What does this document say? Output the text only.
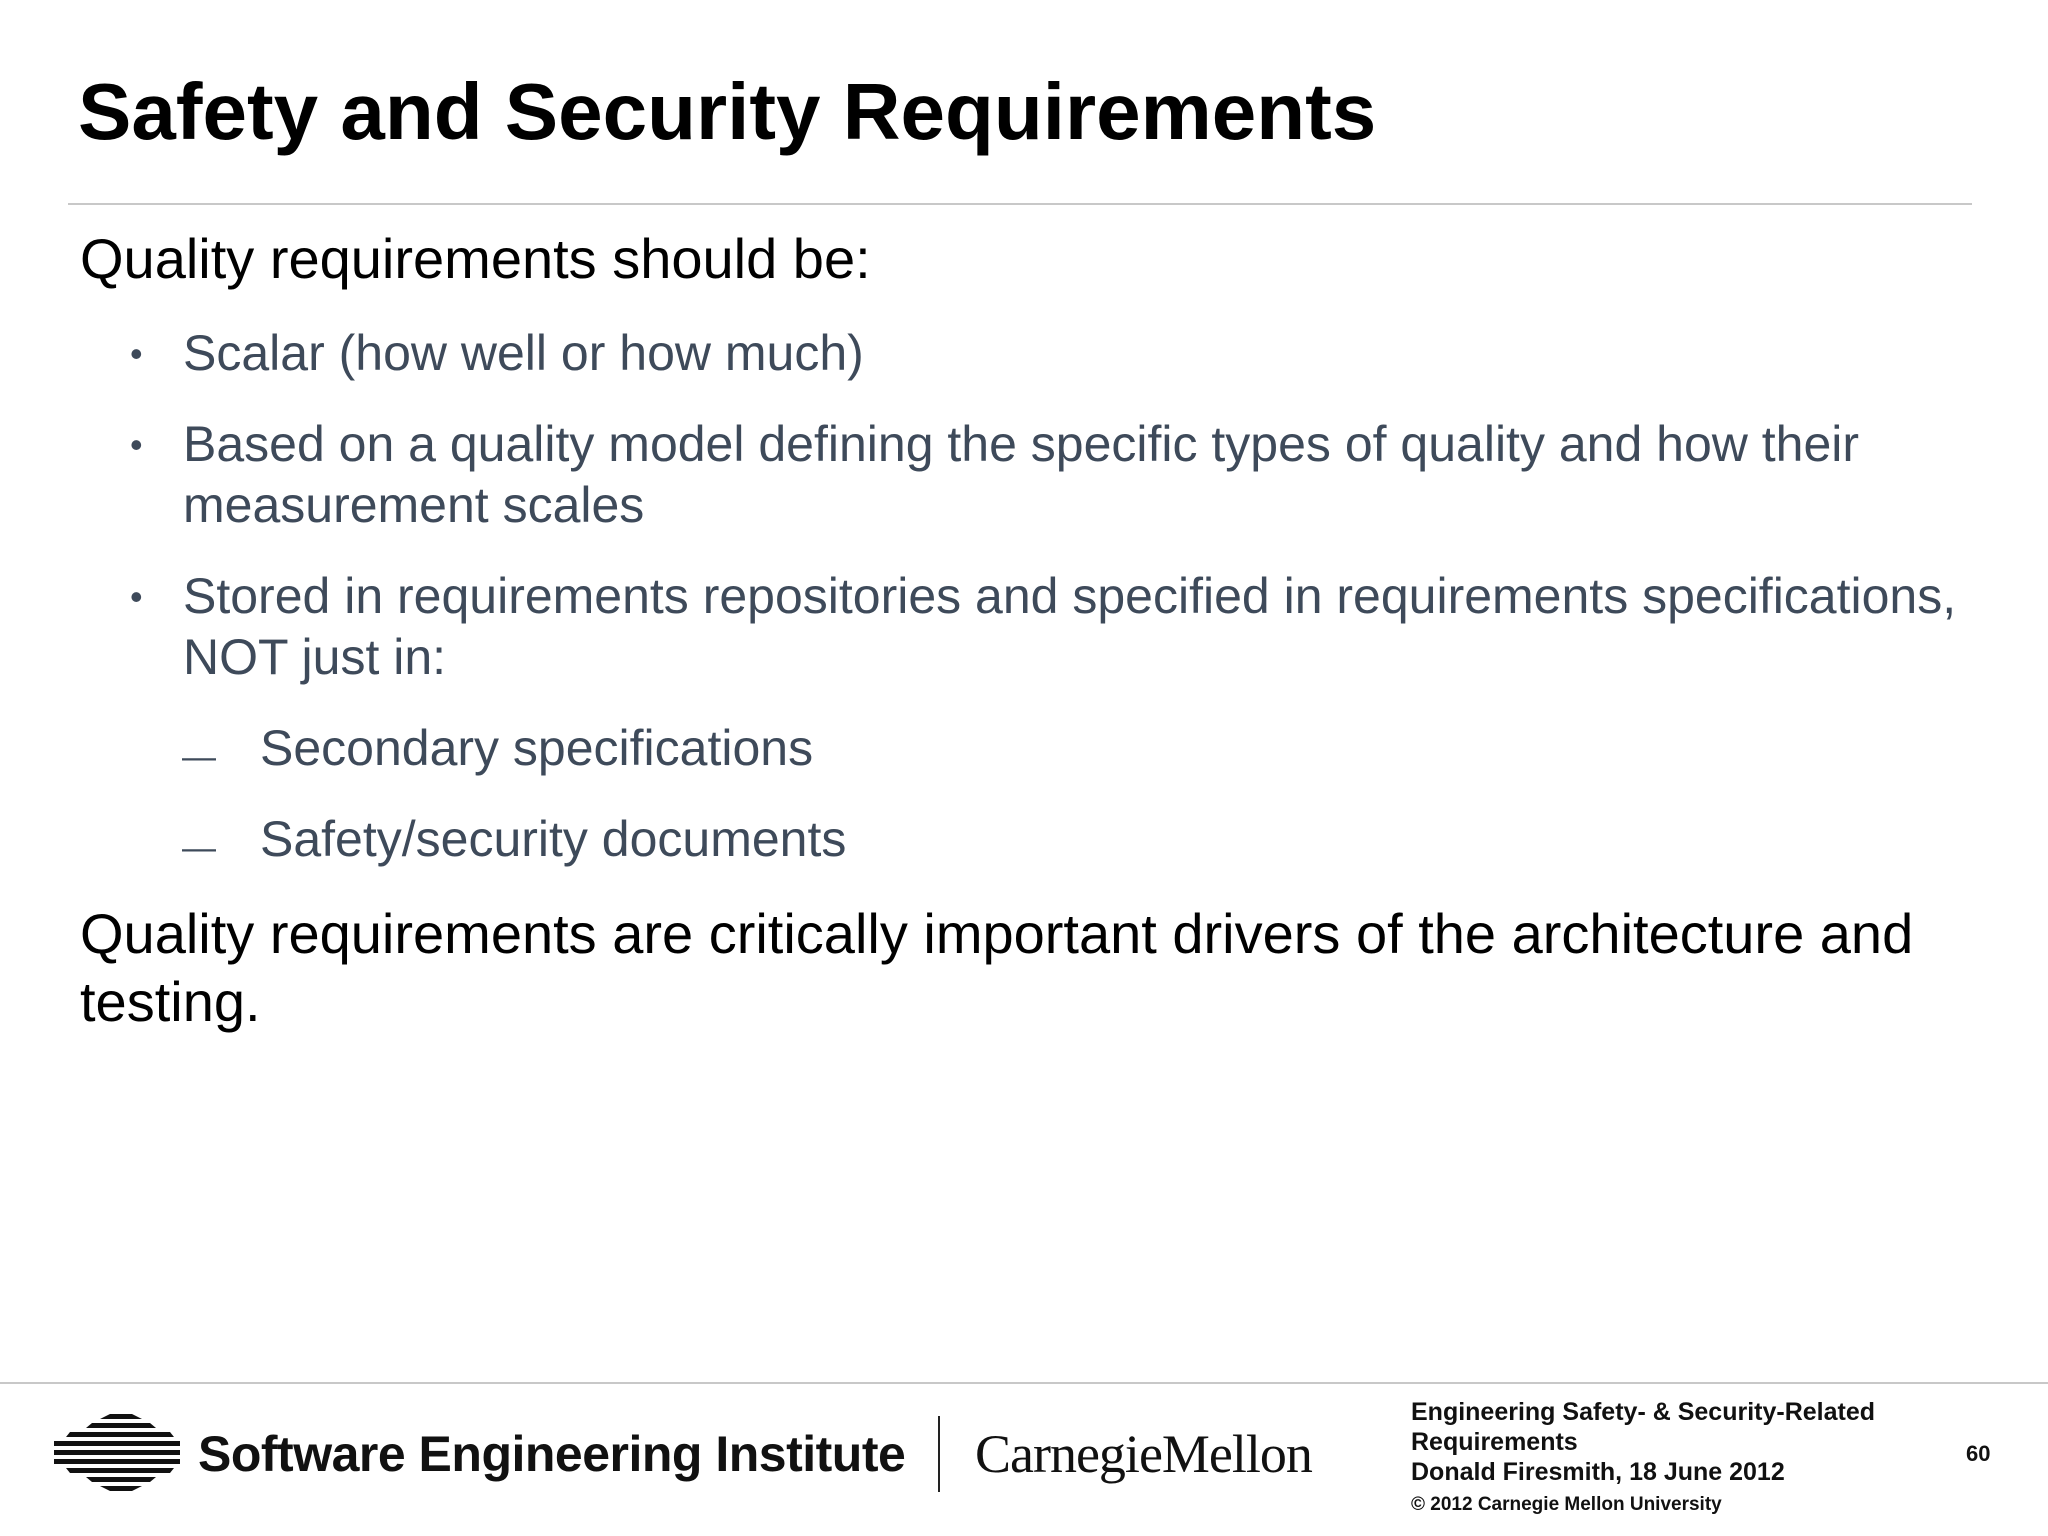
Safety and Security Requirements

Quality requirements should be:

• Scalar (how well or how much)
• Based on a quality model defining the specific types of quality and how their measurement scales
• Stored in requirements repositories and specified in requirements specifications, NOT just in:
— Secondary specifications
— Safety/security documents

Quality requirements are critically important drivers of the architecture and testing.

Software Engineering Institute CarnegieMellon
Engineering Safety- & Security-Related Requirements
Donald Firesmith, 18 June 2012
© 2012 Carnegie Mellon University
60
